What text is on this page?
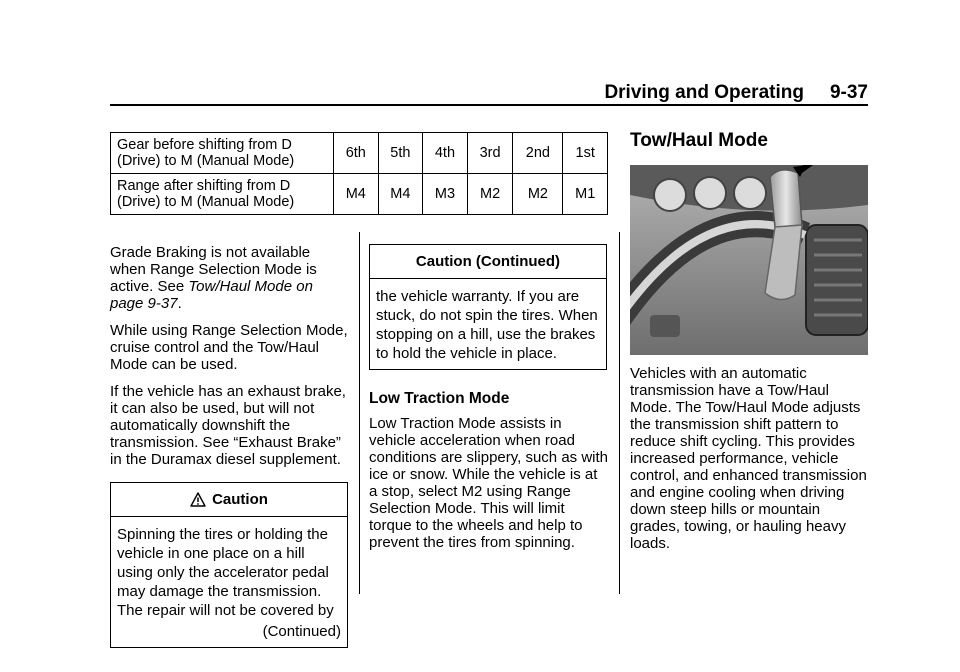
Driving and Operating 9-37
Gear before shifting from D (Drive) to M (Manual Mode)	6th	5th	4th	3rd	2nd	1st
Range after shifting from D (Drive) to M (Manual Mode)	M4	M4	M3	M2	M2	M1

Grade Braking is not available when Range Selection Mode is active. See Tow/Haul Mode on page 9-37.

While using Range Selection Mode, cruise control and the Tow/Haul Mode can be used.

If the vehicle has an exhaust brake, it can also be used, but will not automatically downshift the transmission. See “Exhaust Brake” in the Duramax diesel supplement.

Caution
Spinning the tires or holding the vehicle in one place on a hill using only the accelerator pedal may damage the transmission. The repair will not be covered by
(Continued)
Caution (Continued)
the vehicle warranty. If you are stuck, do not spin the tires. When stopping on a hill, use the brakes to hold the vehicle in place.
Low Traction Mode

Low Traction Mode assists in vehicle acceleration when road conditions are slippery, such as with ice or snow. While the vehicle is at a stop, select M2 using Range Selection Mode. This will limit torque to the wheels and help to prevent the tires from spinning.

Tow/Haul Mode

Vehicles with an automatic transmission have a Tow/Haul Mode. The Tow/Haul Mode adjusts the transmission shift pattern to reduce shift cycling. This provides increased performance, vehicle control, and enhanced transmission and engine cooling when driving down steep hills or mountain grades, towing, or hauling heavy loads.
